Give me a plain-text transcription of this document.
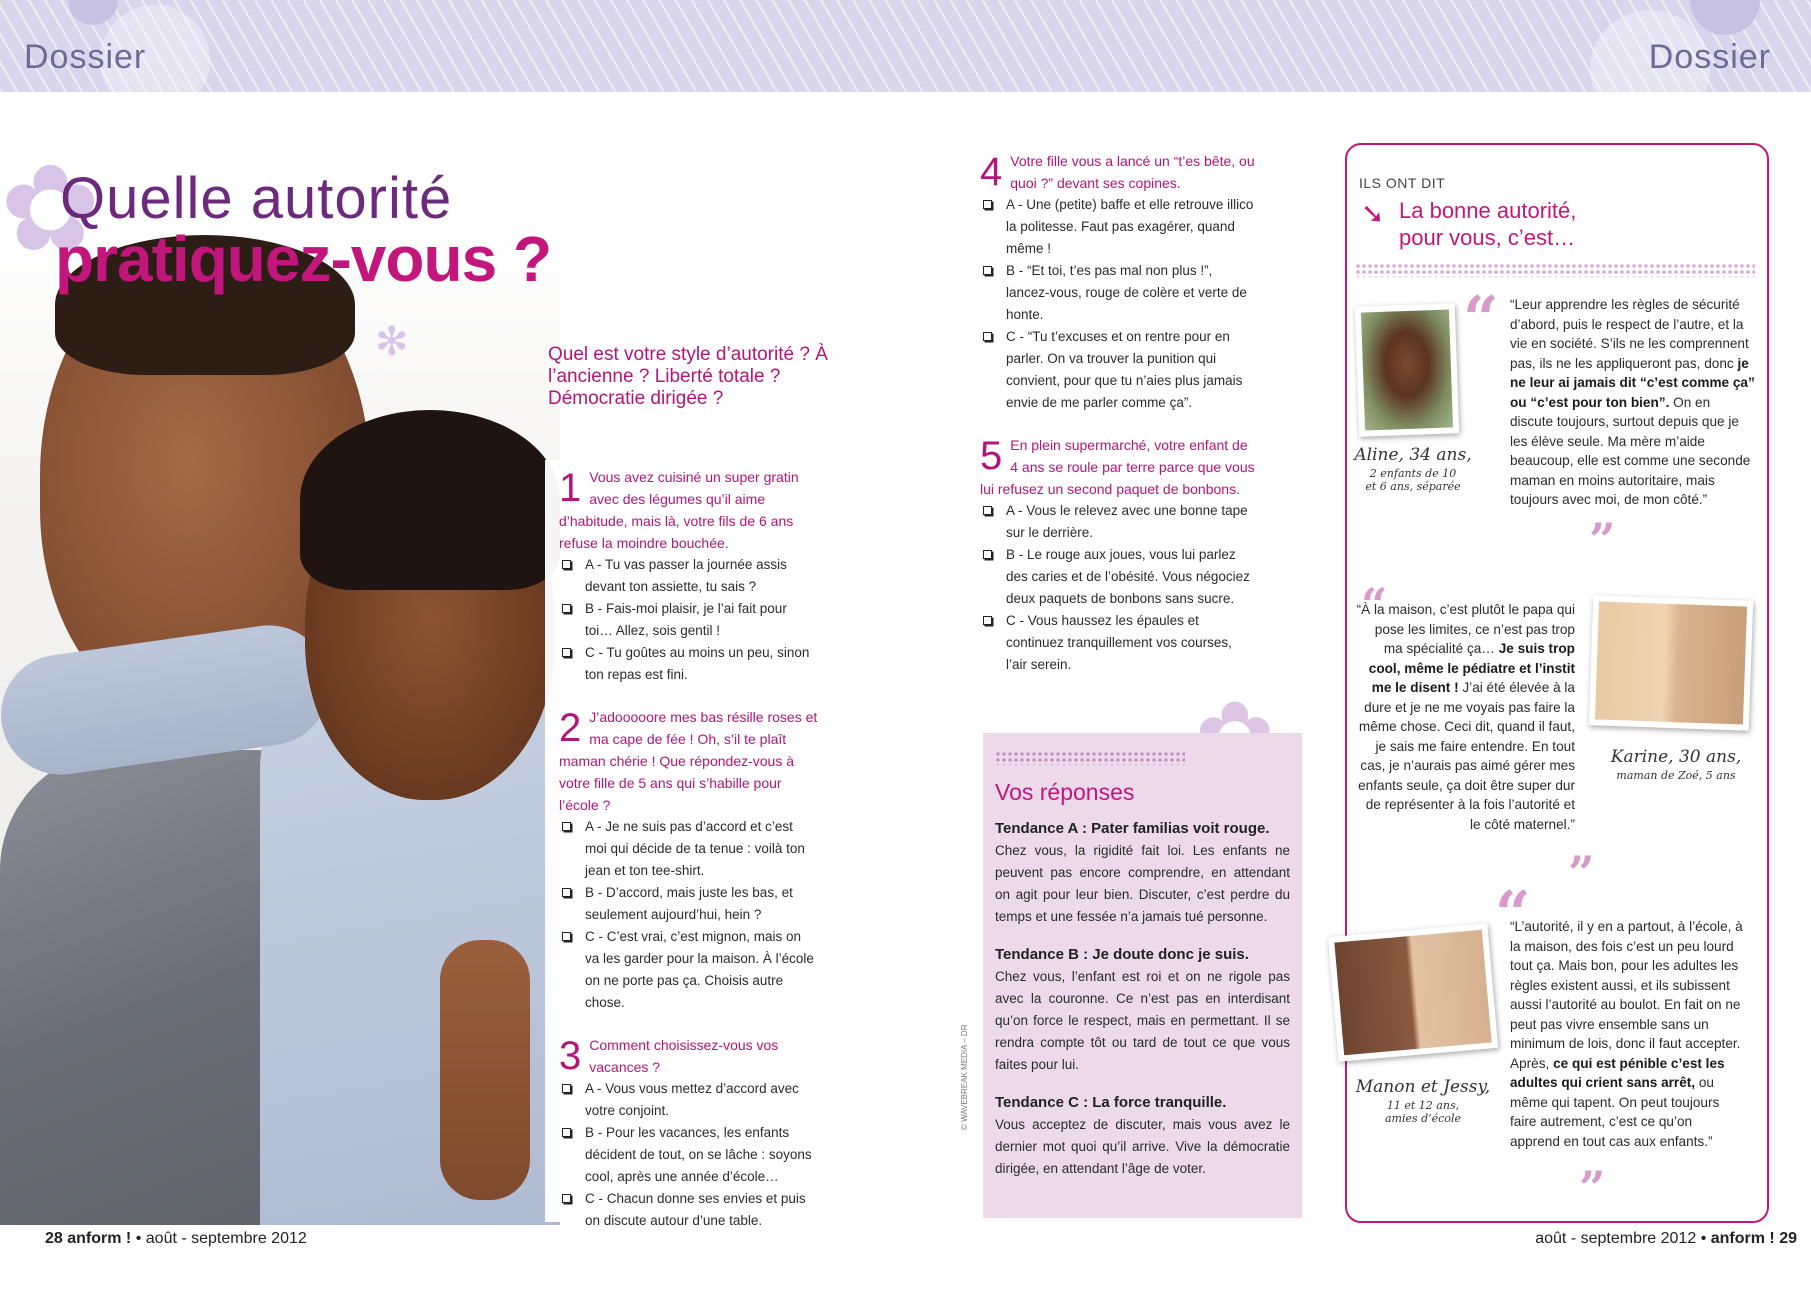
Dossier	Dossier
✿
✻
Quelle autorité
pratiquez-vous ?
Quel est votre style d’autorité ? À l’ancienne ? Liberté totale ? Démocratie dirigée ?
1 Vous avez cuisiné un super gratin avec des légumes qu’il aime d’habitude, mais là, votre fils de 6 ans refuse la moindre bouchée.
A - Tu vas passer la journée assis devant ton assiette, tu sais ?
B - Fais-moi plaisir, je l’ai fait pour toi… Allez, sois gentil !
C - Tu goûtes au moins un peu, sinon ton repas est fini.
2 J’adooooore mes bas résille roses et ma cape de fée ! Oh, s’il te plaît maman chérie ! Que répondez-vous à votre fille de 5 ans qui s’habille pour l’école ?
A - Je ne suis pas d’accord et c’est moi qui décide de ta tenue : voilà ton jean et ton tee-shirt.
B - D’accord, mais juste les bas, et seulement aujourd’hui, hein ?
C - C’est vrai, c’est mignon, mais on va les garder pour la maison. À l’école on ne porte pas ça. Choisis autre chose.
3 Comment choisissez-vous vos vacances ?
A - Vous vous mettez d’accord avec votre conjoint.
B - Pour les vacances, les enfants décident de tout, on se lâche : soyons cool, après une année d’école…
C - Chacun donne ses envies et puis on discute autour d’une table.
4 Votre fille vous a lancé un “t’es bête, ou quoi ?” devant ses copines.
A - Une (petite) baffe et elle retrouve illico la politesse. Faut pas exagérer, quand même !
B - “Et toi, t’es pas mal non plus !”, lancez-vous, rouge de colère et verte de honte.
C - “Tu t’excuses et on rentre pour en parler. On va trouver la punition qui convient, pour que tu n’aies plus jamais envie de me parler comme ça”.
5 En plein supermarché, votre enfant de 4 ans se roule par terre parce que vous lui refusez un second paquet de bonbons.
A - Vous le relevez avec une bonne tape sur le derrière.
B - Le rouge aux joues, vous lui parlez des caries et de l’obésité. Vous négociez deux paquets de bonbons sans sucre.
C - Vous haussez les épaules et continuez tranquillement vos courses, l’air serein.
Vos réponses
Tendance A : Pater familias voit rouge.
Chez vous, la rigidité fait loi. Les enfants ne peuvent pas encore comprendre, en attendant on agit pour leur bien. Discuter, c’est perdre du temps et une fessée n’a jamais tué personne.
Tendance B : Je doute donc je suis.
Chez vous, l’enfant est roi et on ne rigole pas avec la couronne. Ce n’est pas en interdisant qu’on force le respect, mais en permettant. Il se rendra compte tôt ou tard de tout ce que vous faites pour lui.
Tendance C : La force tranquille.
Vous acceptez de discuter, mais vous avez le dernier mot quoi qu’il arrive. Vive la démocratie dirigée, en attendant l’âge de voter.
© WAVEBREAK MEDIA – DR
ILS ONT DIT
➘ La bonne autorité,
pour vous, c’est…
Aline, 34 ans,
2 enfants de 10
et 6 ans, séparée
“ “Leur apprendre les règles de sécurité d’abord, puis le respect de l’autre, et la vie en société. S’ils ne les comprennent pas, ils ne les appliqueront pas, donc je ne leur ai jamais dit “c’est comme ça” ou “c’est pour ton bien”. On en discute toujours, surtout depuis que je les élève seule. Ma mère m’aide beaucoup, elle est comme une seconde maman en moins autoritaire, mais toujours avec moi, de mon côté.”
”
“
“À la maison, c’est plutôt le papa qui pose les limites, ce n’est pas trop ma spécialité ça… Je suis trop cool, même le pédiatre et l’instit me le disent ! J’ai été élevée à la dure et je ne me voyais pas faire la même chose. Ceci dit, quand il faut, je sais me faire entendre. En tout cas, je n’aurais pas aimé gérer mes enfants seule, ça doit être super dur de représenter à la fois l’autorité et le côté maternel.”
”
Karine, 30 ans,
maman de Zoé, 5 ans
Manon et Jessy,
11 et 12 ans,
amies d’école
“
“L’autorité, il y en a partout, à l’école, à la maison, des fois c’est un peu lourd tout ça. Mais bon, pour les adultes les règles existent aussi, et ils subissent aussi l’autorité au boulot. En fait on ne peut pas vivre ensemble sans un minimum de lois, donc il faut accepter. Après, ce qui est pénible c’est les adultes qui crient sans arrêt, ou même qui tapent. On peut toujours faire autrement, c’est ce qu’on apprend en tout cas aux enfants.”
”
28 anform ! • août - septembre 2012	août - septembre 2012 • anform ! 29
